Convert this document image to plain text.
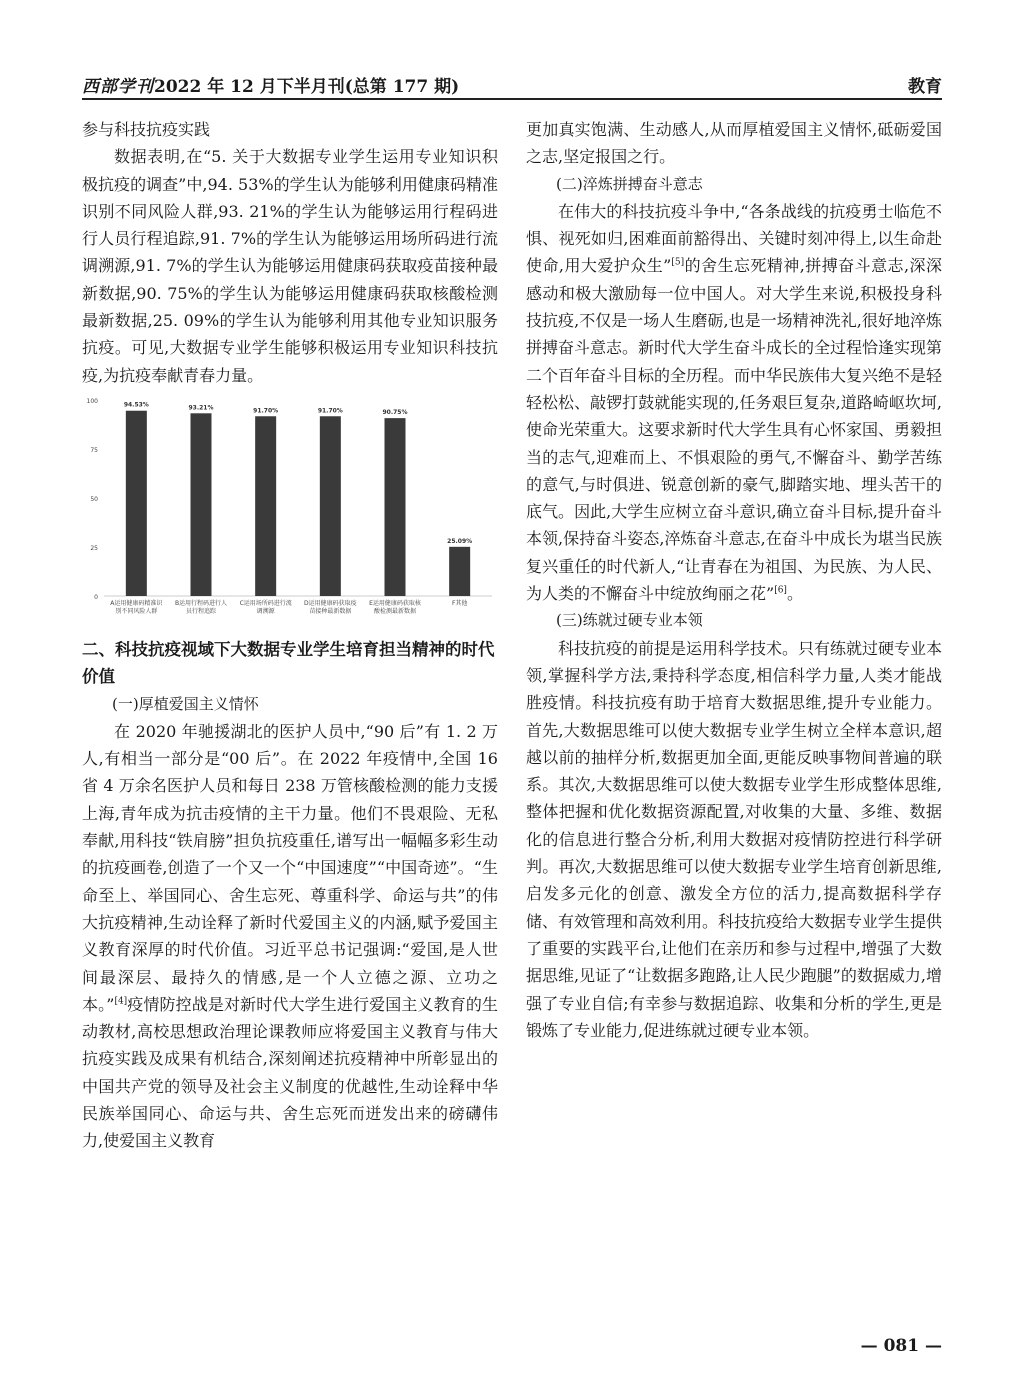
西部学刊2022 年 12 月下半月刊(总第 177 期)	教育

参与科技抗疫实践

数据表明,在“5. 关于大数据专业学生运用专业知识积极抗疫的调查”中,94. 53%的学生认为能够利用健康码精准识别不同风险人群,93. 21%的学生认为能够运用行程码进行人员行程追踪,91. 7%的学生认为能够运用场所码进行流调溯源,91. 7%的学生认为能够运用健康码获取疫苗接种最新数据,90. 75%的学生认为能够运用健康码获取核酸检测最新数据,25. 09%的学生认为能够利用其他专业知识服务抗疫。可见,大数据专业学生能够积极运用专业知识科技抗疫,为抗疫奉献青春力量。

0
25
50
75
100
94.53%
A运用健康码精准识
别不同风险人群
93.21%
B运用行程码进行人
员行程追踪
91.70%
C运用场所码进行流
调溯源
91.70%
D运用健康码获取疫
苗接种最新数据
90.75%
E运用健康码获取核
酸检测最新数据
25.09%
F其他
二、科技抗疫视域下大数据专业学生培育担当精神的时代价值

(一)厚植爱国主义情怀

在 2020 年驰援湖北的医护人员中,“90 后”有 1. 2 万人,有相当一部分是“00 后”。在 2022 年疫情中,全国 16 省 4 万余名医护人员和每日 238 万管核酸检测的能力支援上海,青年成为抗击疫情的主干力量。他们不畏艰险、无私奉献,用科技“铁肩膀”担负抗疫重任,谱写出一幅幅多彩生动的抗疫画卷,创造了一个又一个“中国速度”“中国奇迹”。“生命至上、举国同心、舍生忘死、尊重科学、命运与共”的伟大抗疫精神,生动诠释了新时代爱国主义的内涵,赋予爱国主义教育深厚的时代价值。习近平总书记强调:“爱国,是人世间最深层、最持久的情感,是一个人立德之源、立功之本。”[4]疫情防控战是对新时代大学生进行爱国主义教育的生动教材,高校思想政治理论课教师应将爱国主义教育与伟大抗疫实践及成果有机结合,深刻阐述抗疫精神中所彰显出的中国共产党的领导及社会主义制度的优越性,生动诠释中华民族举国同心、命运与共、舍生忘死而迸发出来的磅礴伟力,使爱国主义教育

更加真实饱满、生动感人,从而厚植爱国主义情怀,砥砺爱国之志,坚定报国之行。

(二)淬炼拼搏奋斗意志

在伟大的科技抗疫斗争中,“各条战线的抗疫勇士临危不惧、视死如归,困难面前豁得出、关键时刻冲得上,以生命赴使命,用大爱护众生”[5]的舍生忘死精神,拼搏奋斗意志,深深感动和极大激励每一位中国人。对大学生来说,积极投身科技抗疫,不仅是一场人生磨砺,也是一场精神洗礼,很好地淬炼拼搏奋斗意志。新时代大学生奋斗成长的全过程恰逢实现第二个百年奋斗目标的全历程。而中华民族伟大复兴绝不是轻轻松松、敲锣打鼓就能实现的,任务艰巨复杂,道路崎岖坎坷,使命光荣重大。这要求新时代大学生具有心怀家国、勇毅担当的志气,迎难而上、不惧艰险的勇气,不懈奋斗、勤学苦练的意气,与时俱进、锐意创新的豪气,脚踏实地、埋头苦干的底气。因此,大学生应树立奋斗意识,确立奋斗目标,提升奋斗本领,保持奋斗姿态,淬炼奋斗意志,在奋斗中成长为堪当民族复兴重任的时代新人,“让青春在为祖国、为民族、为人民、为人类的不懈奋斗中绽放绚丽之花”[6]。

(三)练就过硬专业本领

科技抗疫的前提是运用科学技术。只有练就过硬专业本领,掌握科学方法,秉持科学态度,相信科学力量,人类才能战胜疫情。科技抗疫有助于培育大数据思维,提升专业能力。首先,大数据思维可以使大数据专业学生树立全样本意识,超越以前的抽样分析,数据更加全面,更能反映事物间普遍的联系。其次,大数据思维可以使大数据专业学生形成整体思维,整体把握和优化数据资源配置,对收集的大量、多维、数据化的信息进行整合分析,利用大数据对疫情防控进行科学研判。再次,大数据思维可以使大数据专业学生培育创新思维,启发多元化的创意、激发全方位的活力,提高数据科学存储、有效管理和高效利用。科技抗疫给大数据专业学生提供了重要的实践平台,让他们在亲历和参与过程中,增强了大数据思维,见证了“让数据多跑路,让人民少跑腿”的数据威力,增强了专业自信;有幸参与数据追踪、收集和分析的学生,更是锻炼了专业能力,促进练就过硬专业本领。

— 081 —
